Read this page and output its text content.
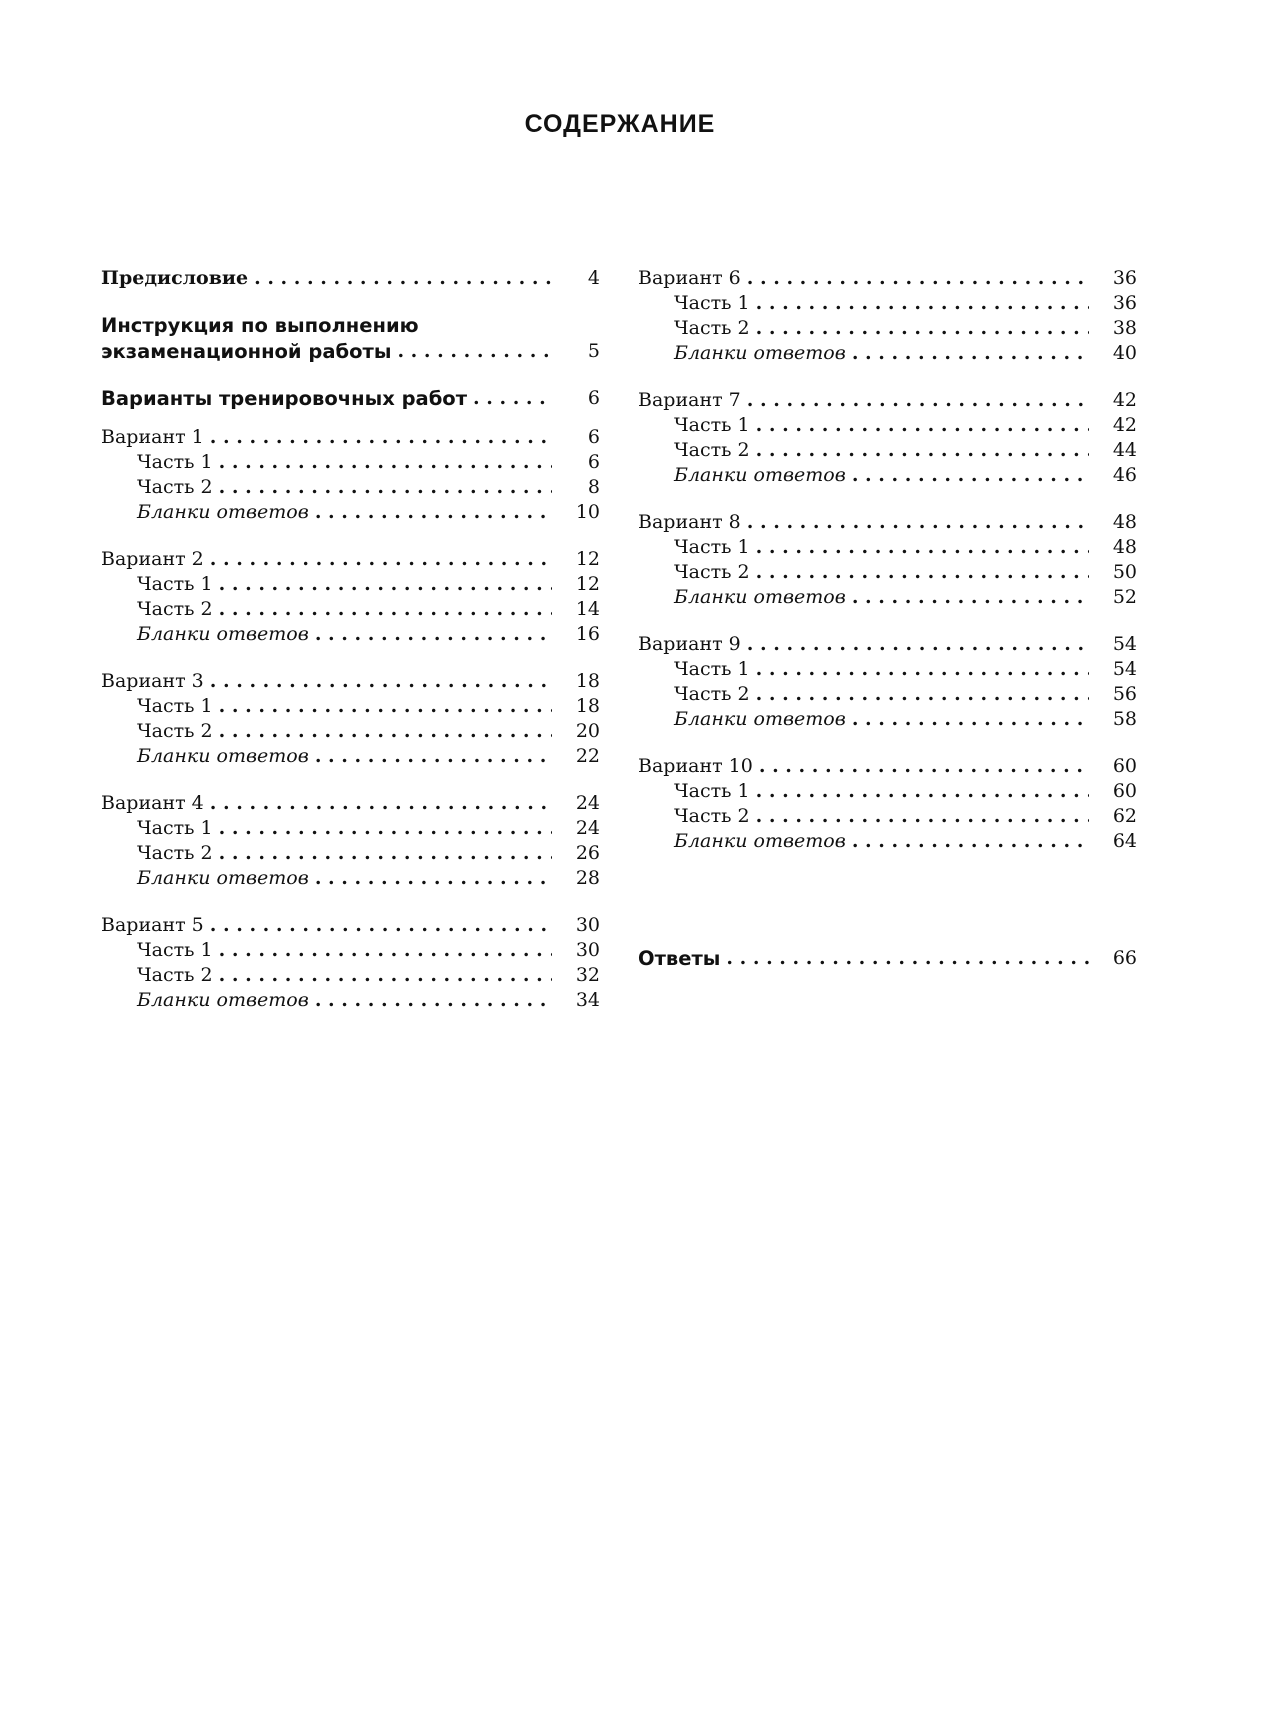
СОДЕРЖАНИЕ
Предисловие . . .	4
Инструкция по выполнению
экзаменационной работы . . .	5
Варианты тренировочных работ . . .	6
Вариант 1 . . .	6
Часть 1 . . .	6
Часть 2 . . .	8
Бланки ответов . . .	10
Вариант 2 . . .	12
Часть 1 . . .	12
Часть 2 . . .	14
Бланки ответов . . .	16
Вариант 3 . . .	18
Часть 1 . . .	18
Часть 2 . . .	20
Бланки ответов . . .	22
Вариант 4 . . .	24
Часть 1 . . .	24
Часть 2 . . .	26
Бланки ответов . . .	28
Вариант 5 . . .	30
Часть 1 . . .	30
Часть 2 . . .	32
Бланки ответов . . .	34
Вариант 6 . . .	36
Часть 1 . . .	36
Часть 2 . . .	38
Бланки ответов . . .	40
Вариант 7 . . .	42
Часть 1 . . .	42
Часть 2 . . .	44
Бланки ответов . . .	46
Вариант 8 . . .	48
Часть 1 . . .	48
Часть 2 . . .	50
Бланки ответов . . .	52
Вариант 9 . . .	54
Часть 1 . . .	54
Часть 2 . . .	56
Бланки ответов . . .	58
Вариант 10 . . .	60
Часть 1 . . .	60
Часть 2 . . .	62
Бланки ответов . . .	64
Ответы . . .	66
